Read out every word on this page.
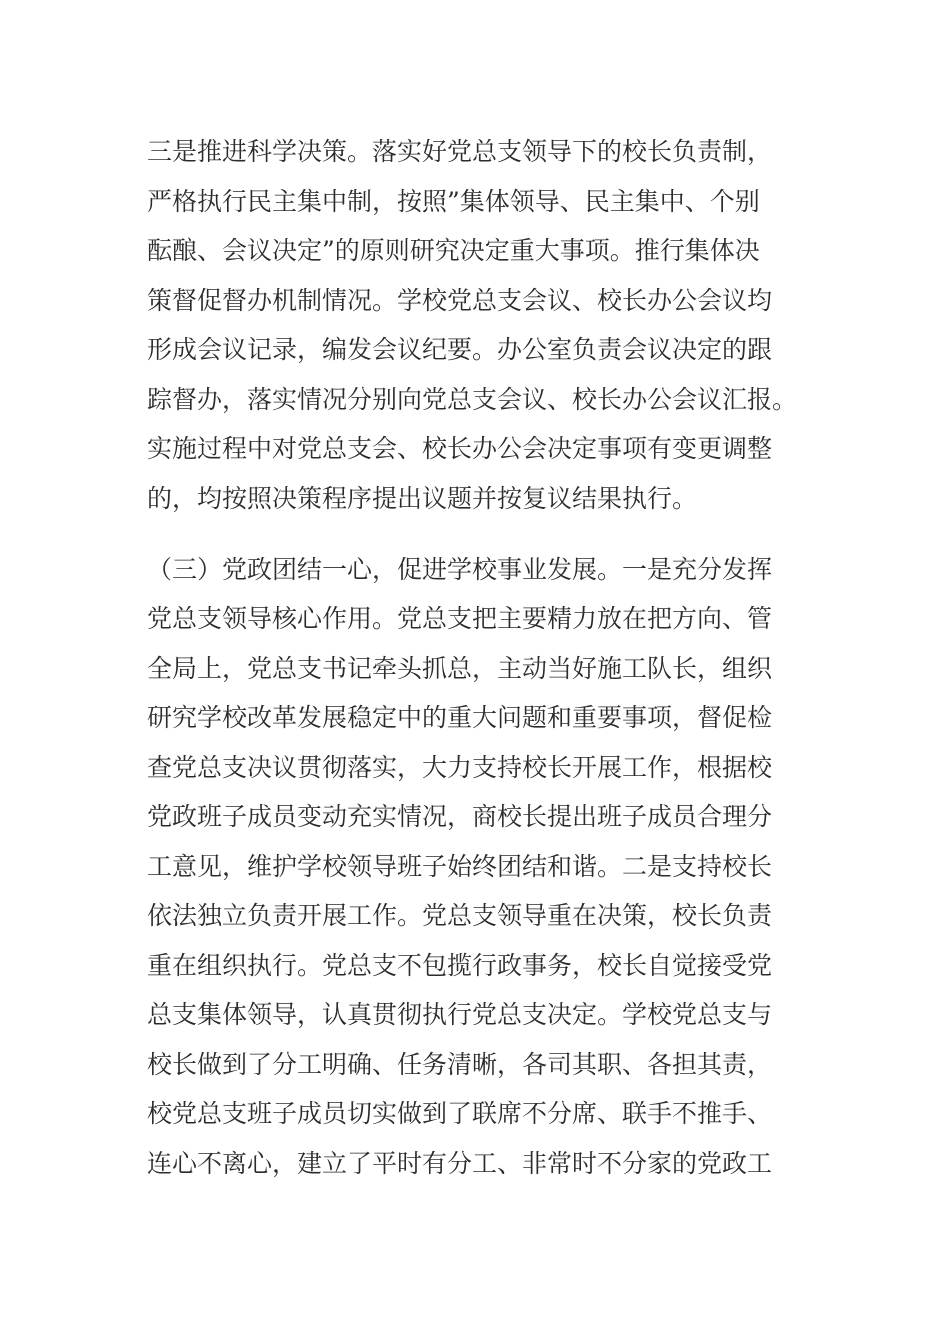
三是推进科学决策。落实好党总支领导下的校长负责制，
严格执行民主集中制，按照”集体领导、民主集中、个别
酝酿、会议决定”的原则研究决定重大事项。推行集体决
策督促督办机制情况。学校党总支会议、校长办公会议均
形成会议记录，编发会议纪要。办公室负责会议决定的跟
踪督办，落实情况分别向党总支会议、校长办公会议汇报。
实施过程中对党总支会、校长办公会决定事项有变更调整
的，均按照决策程序提出议题并按复议结果执行。
（三）党政团结一心，促进学校事业发展。一是充分发挥
党总支领导核心作用。党总支把主要精力放在把方向、管
全局上，党总支书记牵头抓总，主动当好施工队长，组织
研究学校改革发展稳定中的重大问题和重要事项，督促检
查党总支决议贯彻落实，大力支持校长开展工作，根据校
党政班子成员变动充实情况，商校长提出班子成员合理分
工意见，维护学校领导班子始终团结和谐。二是支持校长
依法独立负责开展工作。党总支领导重在决策，校长负责
重在组织执行。党总支不包揽行政事务，校长自觉接受党
总支集体领导，认真贯彻执行党总支决定。学校党总支与
校长做到了分工明确、任务清晰，各司其职、各担其责，
校党总支班子成员切实做到了联席不分席、联手不推手、
连心不离心，建立了平时有分工、非常时不分家的党政工
